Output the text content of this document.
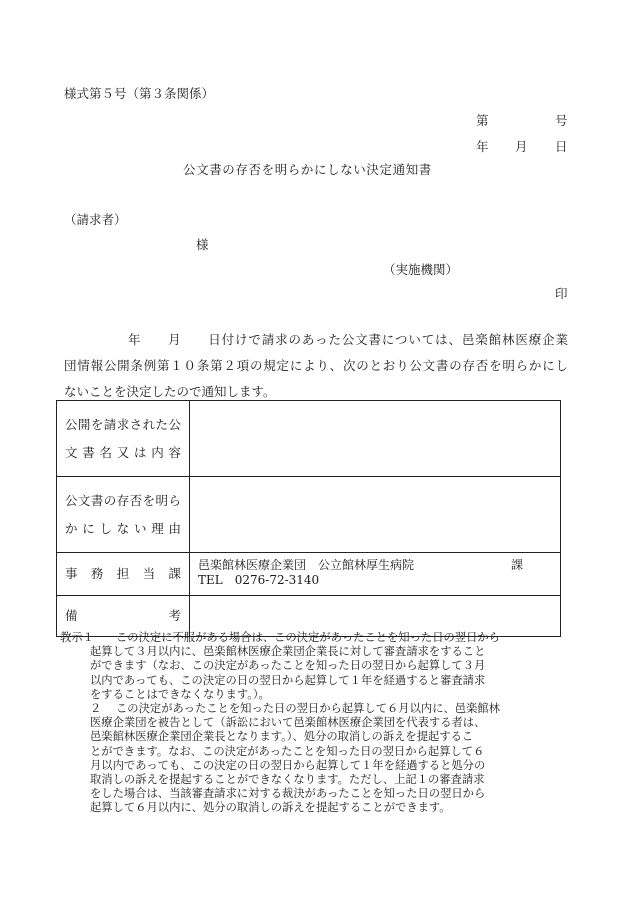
様式第５号（第３条関係）
第	号
年 月 日
公文書の存否を明らかにしない決定通知書
（請求者）
様
（実施機関）
印
年　　月　　日付けで請求のあった公文書については、邑楽館林医療企業
団情報公開条例第１０条第２項の規定により、次のとおり公文書の存否を明らかにし
ないことを決定したので通知します。
公開を請求された公
文書名又は内容
公文書の存否を明ら
かにしない理由
事務担当課
邑楽館林医療企業団　公立館林厚生病院
TEL　0276-72-3140
課
備考
教示１ この決定に不服がある場合は、この決定があったことを知った日の翌日から
起算して３月以内に、邑楽館林医療企業団企業長に対して審査請求をすること
ができます（なお、この決定があったことを知った日の翌日から起算して３月
以内であっても、この決定の日の翌日から起算して１年を経過すると審査請求
をすることはできなくなります。）。
２ この決定があったことを知った日の翌日から起算して６月以内に、邑楽館林
医療企業団を被告として（訴訟において邑楽館林医療企業団を代表する者は、
邑楽館林医療企業団企業長となります。）、処分の取消しの訴えを提起するこ
とができます。なお、この決定があったことを知った日の翌日から起算して６
月以内であっても、この決定の日の翌日から起算して１年を経過すると処分の
取消しの訴えを提起することができなくなります。ただし、上記１の審査請求
をした場合は、当該審査請求に対する裁決があったことを知った日の翌日から
起算して６月以内に、処分の取消しの訴えを提起することができます。
